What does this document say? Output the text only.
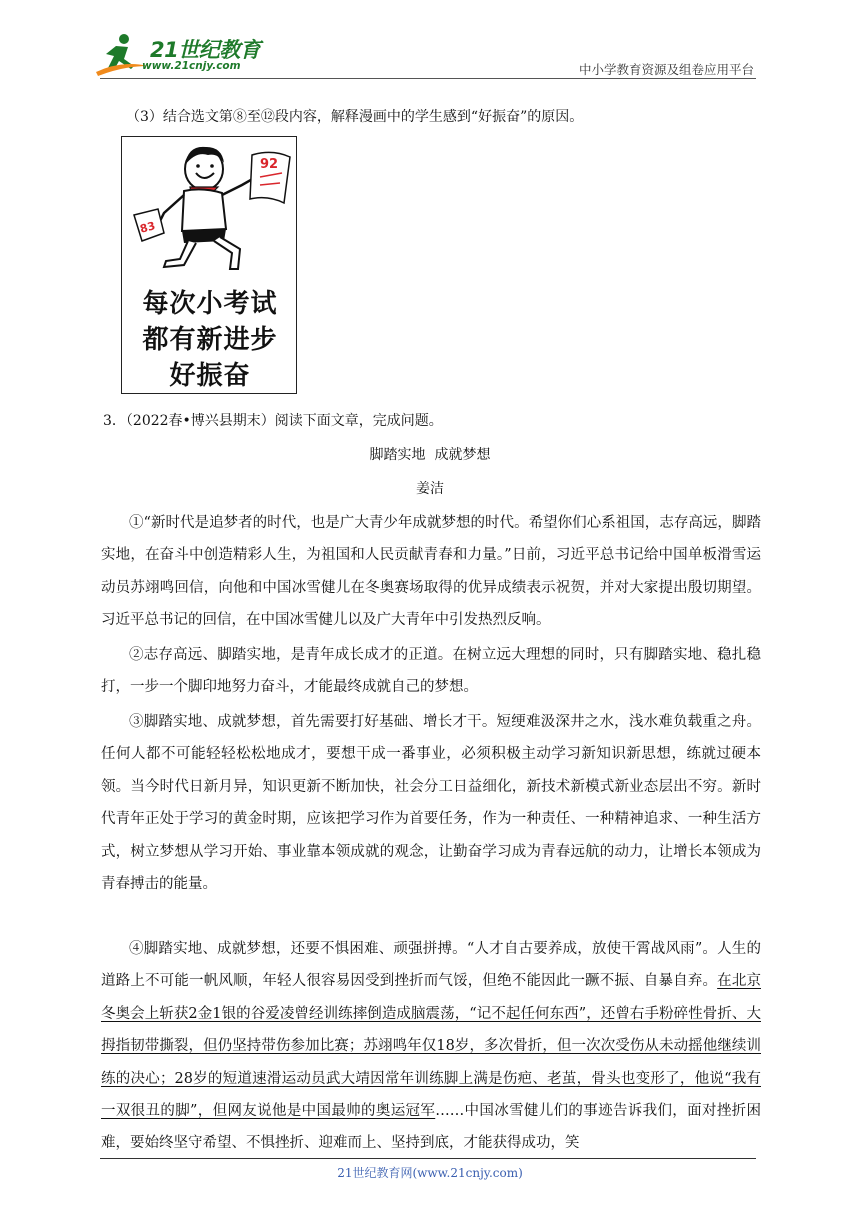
21世纪教育
www.21cnjy.com	中小学教育资源及组卷应用平台
（3）结合选文第⑧至⑫段内容，解释漫画中的学生感到“好振奋”的原因。
83
92
每次小考试
都有新进步
好振奋
3．（2022春•博兴县期末）阅读下面文章，完成问题。
脚踏实地  成就梦想
姜洁

①“新时代是追梦者的时代，也是广大青少年成就梦想的时代。希望你们心系祖国，志存高远，脚踏实地，在奋斗中创造精彩人生，为祖国和人民贡献青春和力量。”日前，习近平总书记给中国单板滑雪运动员苏翊鸣回信，向他和中国冰雪健儿在冬奥赛场取得的优异成绩表示祝贺，并对大家提出殷切期望。习近平总书记的回信，在中国冰雪健儿以及广大青年中引发热烈反响。

②志存高远、脚踏实地，是青年成长成才的正道。在树立远大理想的同时，只有脚踏实地、稳扎稳打，一步一个脚印地努力奋斗，才能最终成就自己的梦想。

③脚踏实地、成就梦想，首先需要打好基础、增长才干。短绠难汲深井之水，浅水难负载重之舟。任何人都不可能轻轻松松地成才，要想干成一番事业，必须积极主动学习新知识新思想，练就过硬本领。当今时代日新月异，知识更新不断加快，社会分工日益细化，新技术新模式新业态层出不穷。新时代青年正处于学习的黄金时期，应该把学习作为首要任务，作为一种责任、一种精神追求、一种生活方式，树立梦想从学习开始、事业靠本领成就的观念，让勤奋学习成为青春远航的动力，让增长本领成为青春搏击的能量。

④脚踏实地、成就梦想，还要不惧困难、顽强拼搏。“人才自古要养成，放使干霄战风雨”。人生的道路上不可能一帆风顺，年轻人很容易因受到挫折而气馁，但绝不能因此一蹶不振、自暴自弃。在北京冬奥会上斩获2金1银的谷爱凌曾经训练摔倒造成脑震荡，“记不起任何东西”，还曾右手粉碎性骨折、大拇指韧带撕裂，但仍坚持带伤参加比赛；苏翊鸣年仅18岁，多次骨折，但一次次受伤从未动摇他继续训练的决心；28岁的短道速滑运动员武大靖因常年训练脚上满是伤疤、老茧，骨头也变形了，他说“我有一双很丑的脚”，但网友说他是中国最帅的奥运冠军……中国冰雪健儿们的事迹告诉我们，面对挫折困难，要始终坚守希望、不惧挫折、迎难而上、坚持到底，才能获得成功，笑

21世纪教育网(www.21cnjy.com)
